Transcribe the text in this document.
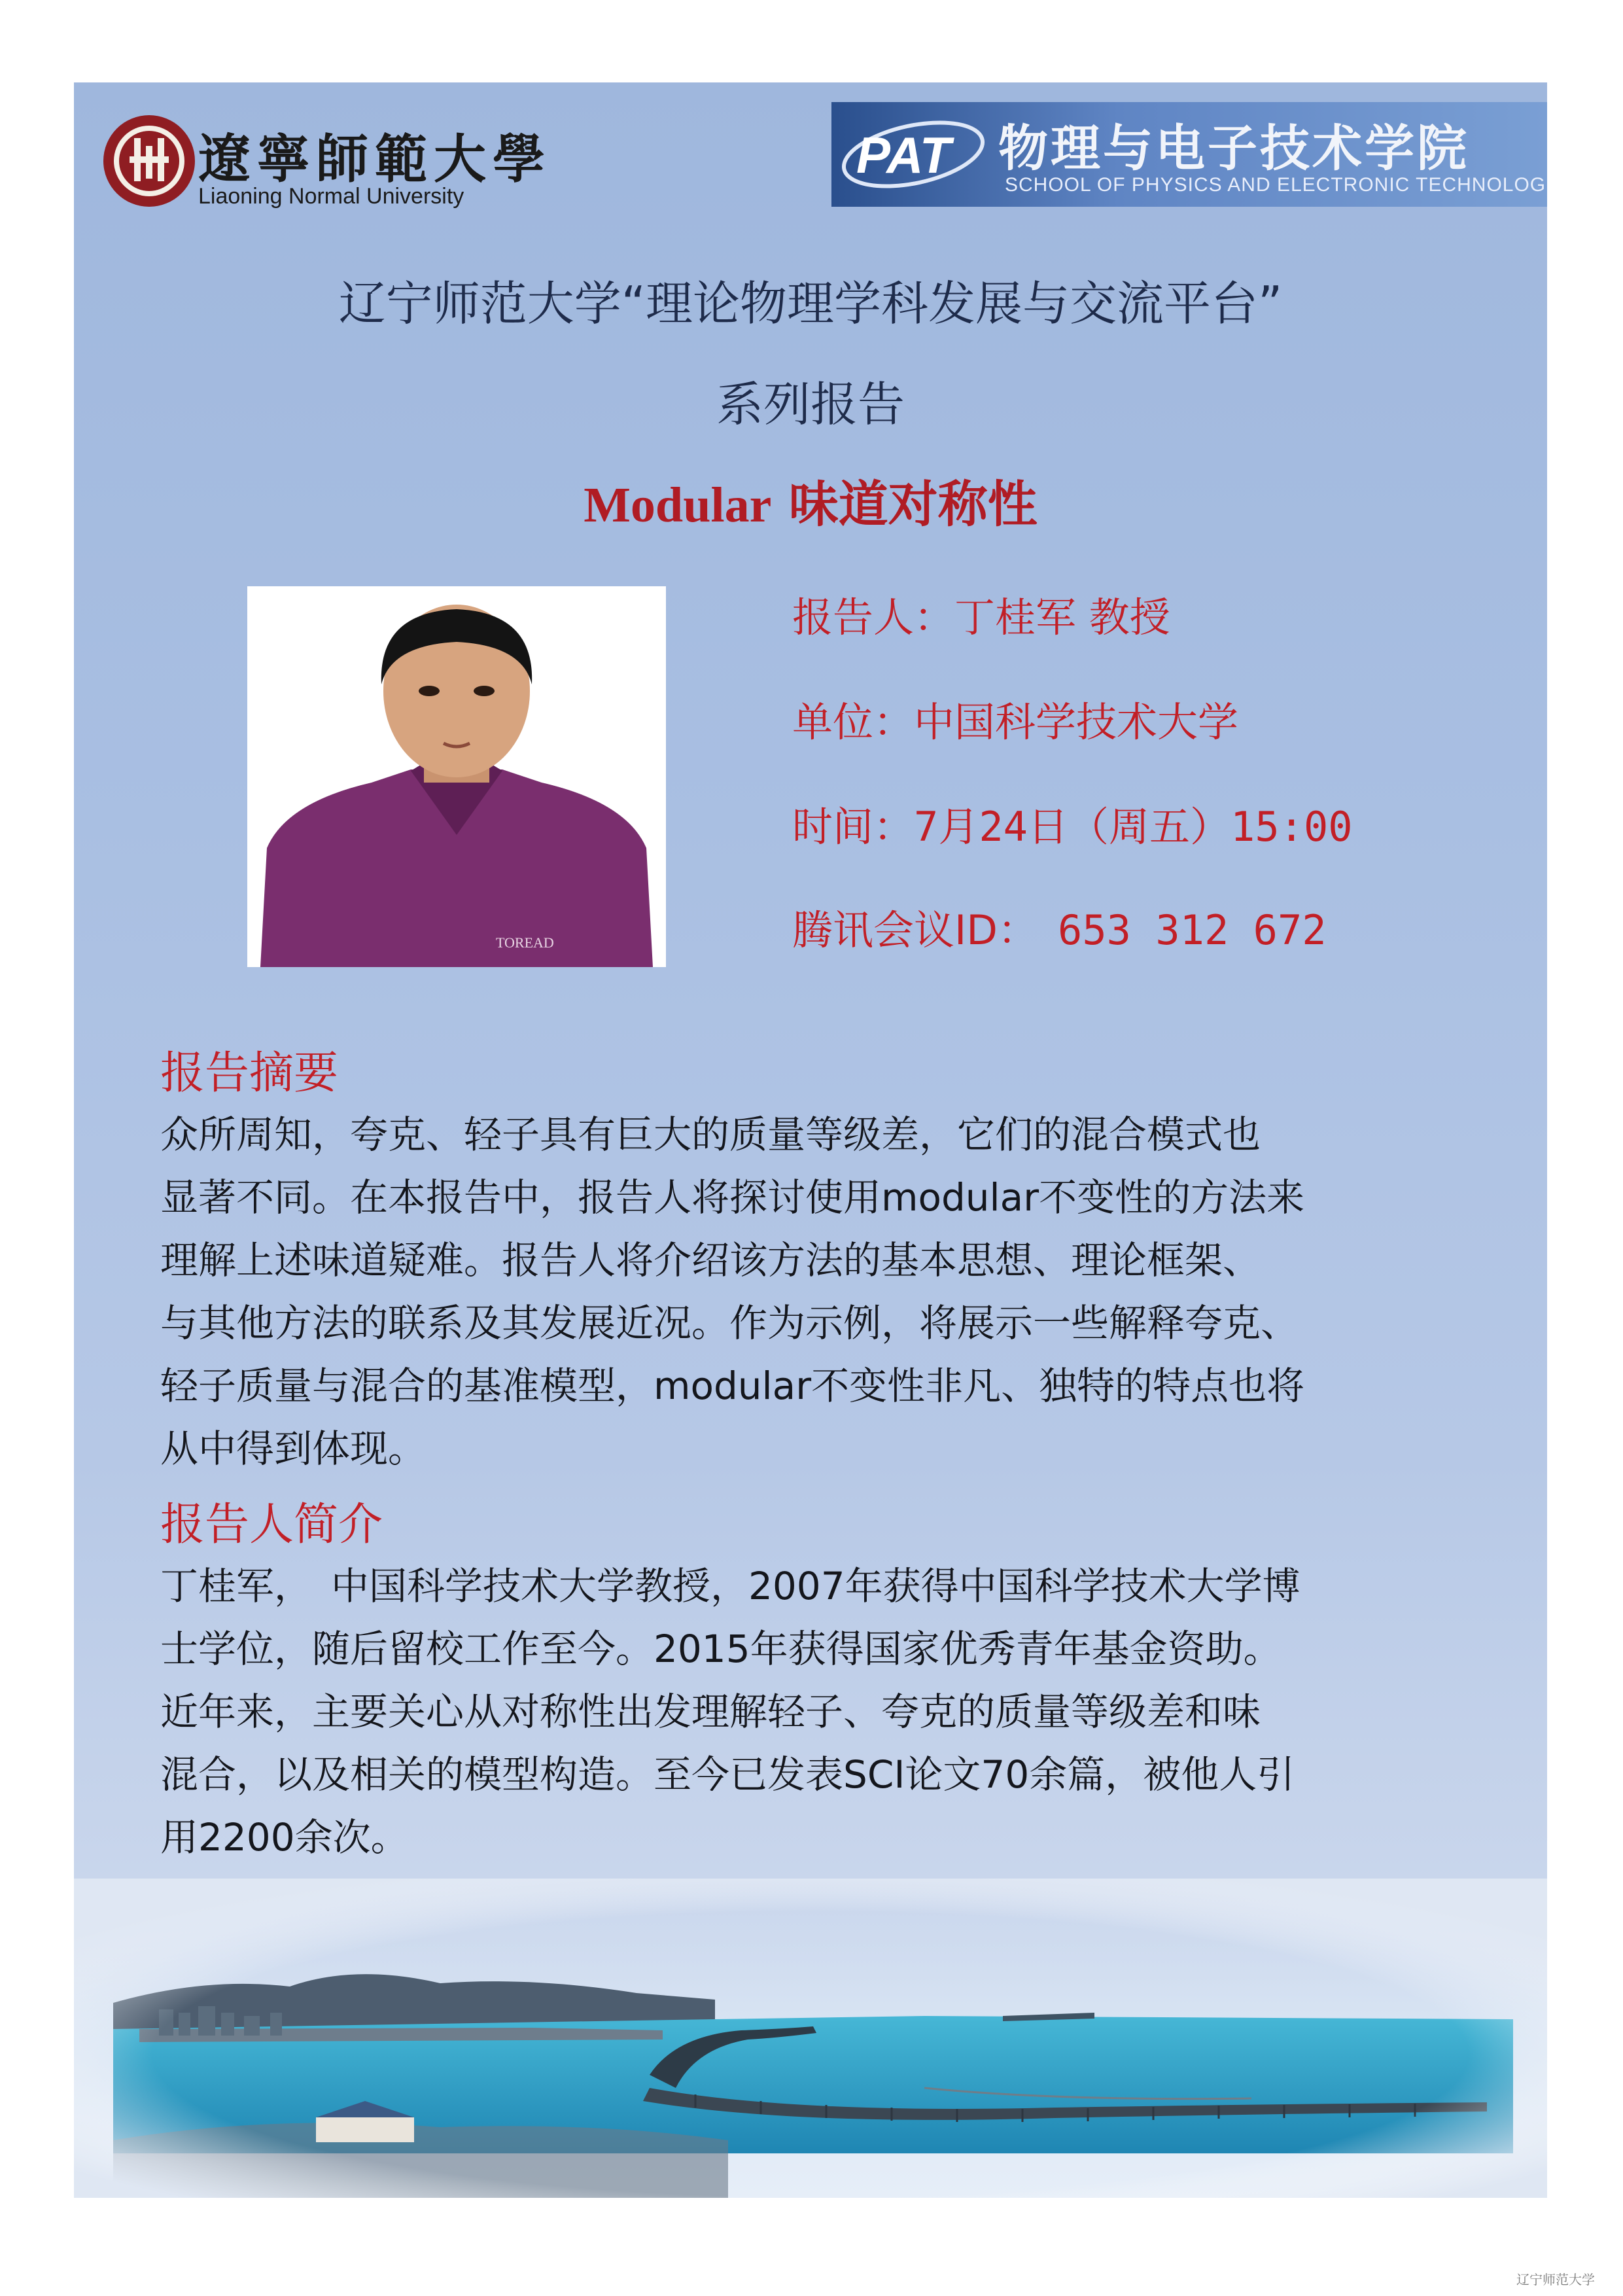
遼寧師範大學
Liaoning Normal University
PAT 物理与电子技术学院
SCHOOL OF PHYSICS AND ELECTRONIC TECHNOLOG
辽宁师范大学“理论物理学科发展与交流平台”
系列报告
Modular 味道对称性
TOREAD
报告人：丁桂军 教授
单位：中国科学技术大学
时间：7月24日（周五）15:00
腾讯会议ID： 653 312 672
报告摘要
众所周知，夸克、轻子具有巨大的质量等级差，它们的混合模式也
显著不同。在本报告中，报告人将探讨使用modular不变性的方法来
理解上述味道疑难。报告人将介绍该方法的基本思想、理论框架、
与其他方法的联系及其发展近况。作为示例，将展示一些解释夸克、
轻子质量与混合的基准模型，modular不变性非凡、独特的特点也将
从中得到体现。
报告人简介
丁桂军，　中国科学技术大学教授，2007年获得中国科学技术大学博
士学位，随后留校工作至今。2015年获得国家优秀青年基金资助。
近年来，主要关心从对称性出发理解轻子、夸克的质量等级差和味
混合，以及相关的模型构造。至今已发表SCI论文70余篇，被他人引
用2200余次。
辽宁师范大学
